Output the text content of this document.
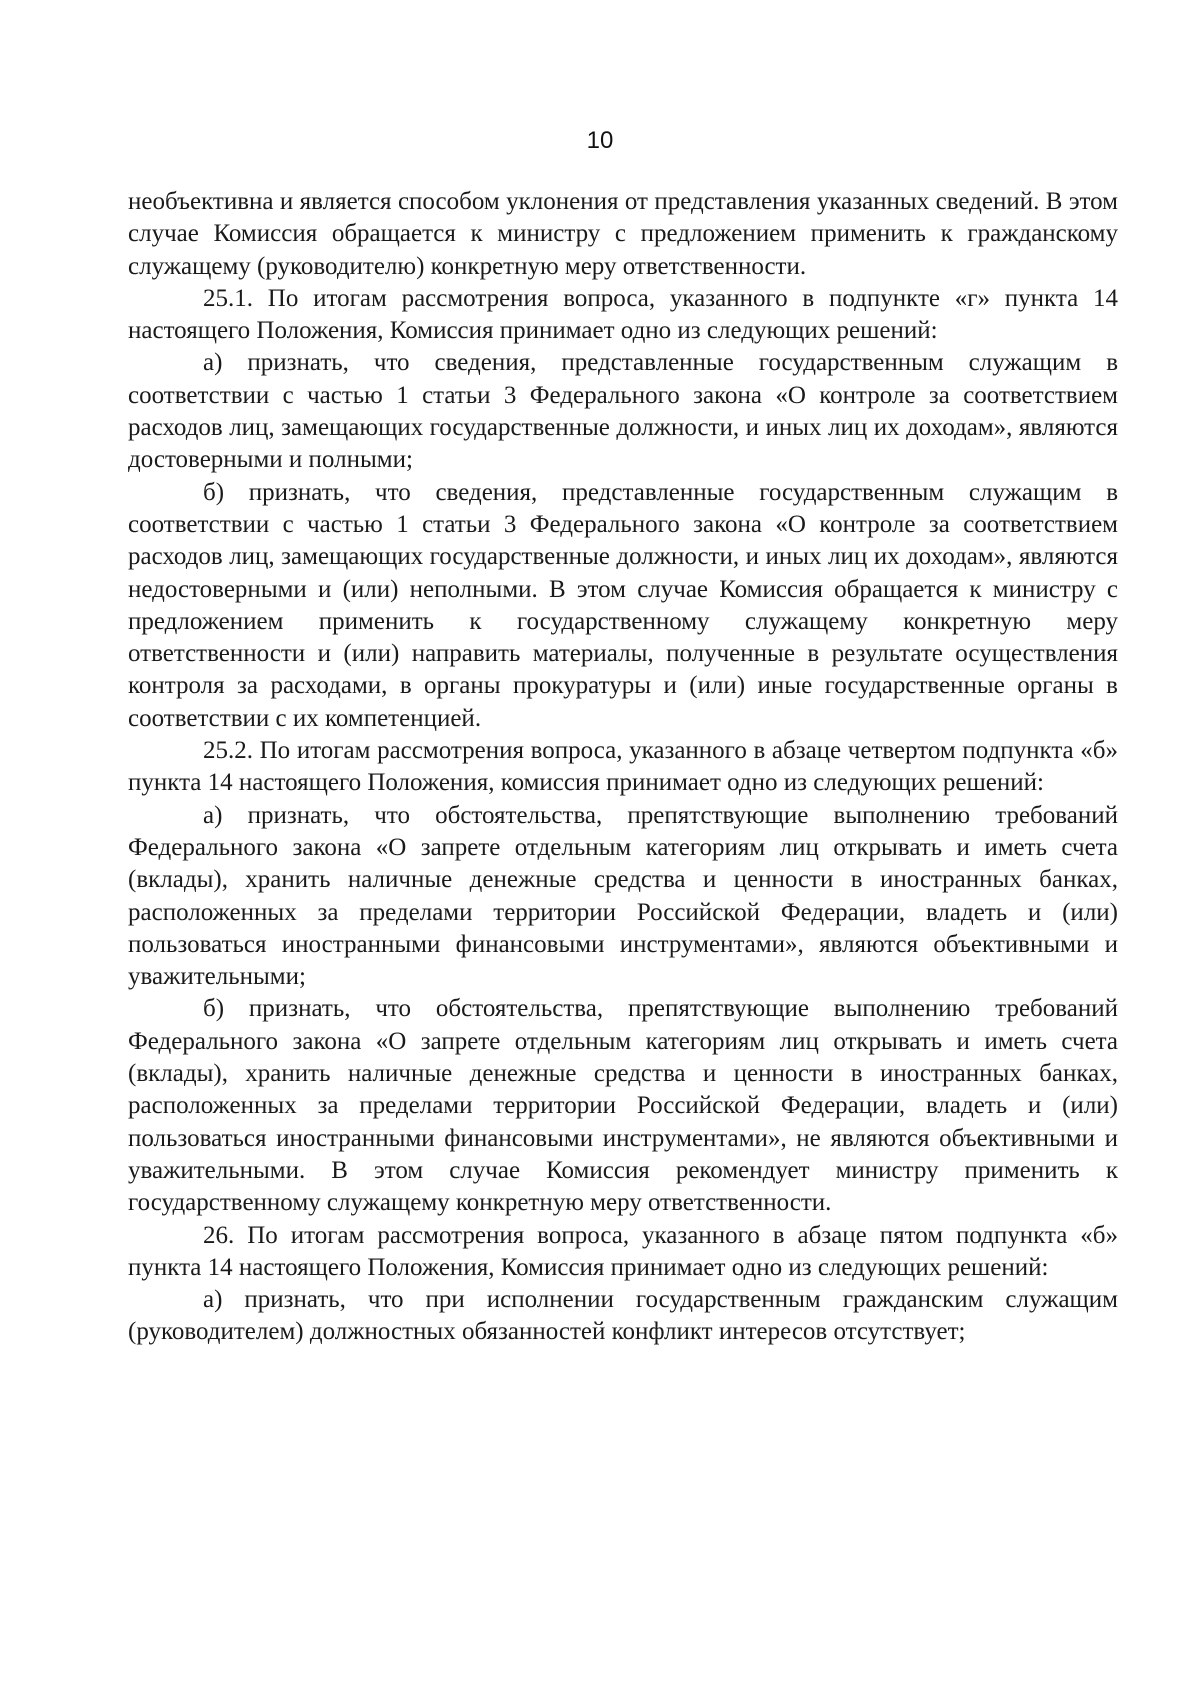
10

необъективна и является способом уклонения от представления указанных сведений. В этом случае Комиссия обращается к министру с предложением применить к гражданскому служащему (руководителю) конкретную меру ответственности.

25.1. По итогам рассмотрения вопроса, указанного в подпункте «г» пункта 14 настоящего Положения, Комиссия принимает одно из следующих решений:

а) признать, что сведения, представленные государственным служащим в соответствии с частью 1 статьи 3 Федерального закона «О контроле за соответствием расходов лиц, замещающих государственные должности, и иных лиц их доходам», являются достоверными и полными;

б) признать, что сведения, представленные государственным служащим в соответствии с частью 1 статьи 3 Федерального закона «О контроле за соответствием расходов лиц, замещающих государственные должности, и иных лиц их доходам», являются недостоверными и (или) неполными. В этом случае Комиссия обращается к министру с предложением применить к государственному служащему конкретную меру ответственности и (или) направить материалы, полученные в результате осуществления контроля за расходами, в органы прокуратуры и (или) иные государственные органы в соответствии с их компетенцией.

25.2. По итогам рассмотрения вопроса, указанного в абзаце четвертом подпункта «б» пункта 14 настоящего Положения, комиссия принимает одно из следующих решений:

а) признать, что обстоятельства, препятствующие выполнению требований Федерального закона «О запрете отдельным категориям лиц открывать и иметь счета (вклады), хранить наличные денежные средства и ценности в иностранных банках, расположенных за пределами территории Российской Федерации, владеть и (или) пользоваться иностранными финансовыми инструментами», являются объективными и уважительными;

б) признать, что обстоятельства, препятствующие выполнению требований Федерального закона «О запрете отдельным категориям лиц открывать и иметь счета (вклады), хранить наличные денежные средства и ценности в иностранных банках, расположенных за пределами территории Российской Федерации, владеть и (или) пользоваться иностранными финансовыми инструментами», не являются объективными и уважительными. В этом случае Комиссия рекомендует министру применить к государственному служащему конкретную меру ответственности.

26. По итогам рассмотрения вопроса, указанного в абзаце пятом подпункта «б» пункта 14 настоящего Положения, Комиссия принимает одно из следующих решений:

а) признать, что при исполнении государственным гражданским служащим (руководителем) должностных обязанностей конфликт интересов отсутствует;
